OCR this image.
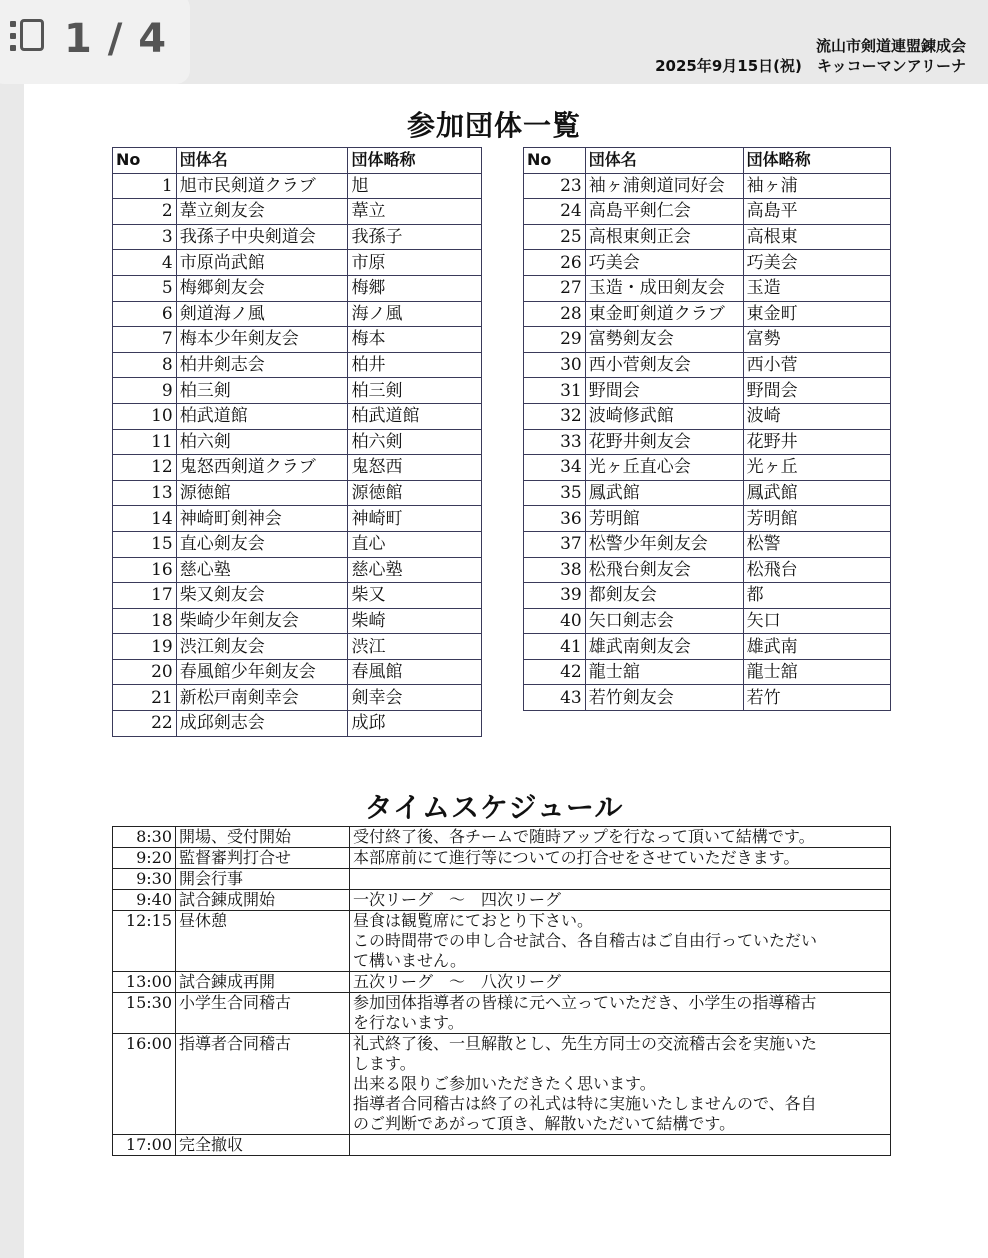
1 / 4	流山市剣道連盟錬成会
2025年9月15日(祝)　キッコーマンアリーナ
参加団体一覧
No	団体名	団体略称
1	旭市民剣道クラブ	旭
2	葦立剣友会	葦立
3	我孫子中央剣道会	我孫子
4	市原尚武館	市原
5	梅郷剣友会	梅郷
6	剣道海ノ風	海ノ風
7	梅本少年剣友会	梅本
8	柏井剣志会	柏井
9	柏三剣	柏三剣
10	柏武道館	柏武道館
11	柏六剣	柏六剣
12	鬼怒西剣道クラブ	鬼怒西
13	源徳館	源徳館
14	神崎町剣神会	神崎町
15	直心剣友会	直心
16	慈心塾	慈心塾
17	柴又剣友会	柴又
18	柴崎少年剣友会	柴崎
19	渋江剣友会	渋江
20	春風館少年剣友会	春風館
21	新松戸南剣幸会	剣幸会
22	成邱剣志会	成邱
No	団体名	団体略称
23	袖ヶ浦剣道同好会	袖ヶ浦
24	高島平剣仁会	高島平
25	高根東剣正会	高根東
26	巧美会	巧美会
27	玉造・成田剣友会	玉造
28	東金町剣道クラブ	東金町
29	富勢剣友会	富勢
30	西小菅剣友会	西小菅
31	野間会	野間会
32	波崎修武館	波崎
33	花野井剣友会	花野井
34	光ヶ丘直心会	光ヶ丘
35	鳳武館	鳳武館
36	芳明館	芳明館
37	松警少年剣友会	松警
38	松飛台剣友会	松飛台
39	都剣友会	都
40	矢口剣志会	矢口
41	雄武南剣友会	雄武南
42	龍士舘	龍士舘
43	若竹剣友会	若竹
タイムスケジュール
8:30	開場、受付開始	受付終了後、各チームで随時アップを行なって頂いて結構です。
9:20	監督審判打合せ	本部席前にて進行等についての打合せをさせていただきます。
9:30	開会行事	
9:40	試合錬成開始	一次リーグ　～　四次リーグ
12:15	昼休憩	昼食は観覧席にておとり下さい。
この時間帯での申し合せ試合、各自稽古はご自由行っていただい
て構いません。
13:00	試合錬成再開	五次リーグ　～　八次リーグ
15:30	小学生合同稽古	参加団体指導者の皆様に元へ立っていただき、小学生の指導稽古
を行ないます。
16:00	指導者合同稽古	礼式終了後、一旦解散とし、先生方同士の交流稽古会を実施いた
します。
出来る限りご参加いただきたく思います。
指導者合同稽古は終了の礼式は特に実施いたしませんので、各自
のご判断であがって頂き、解散いただいて結構です。
17:00	完全撤収	
